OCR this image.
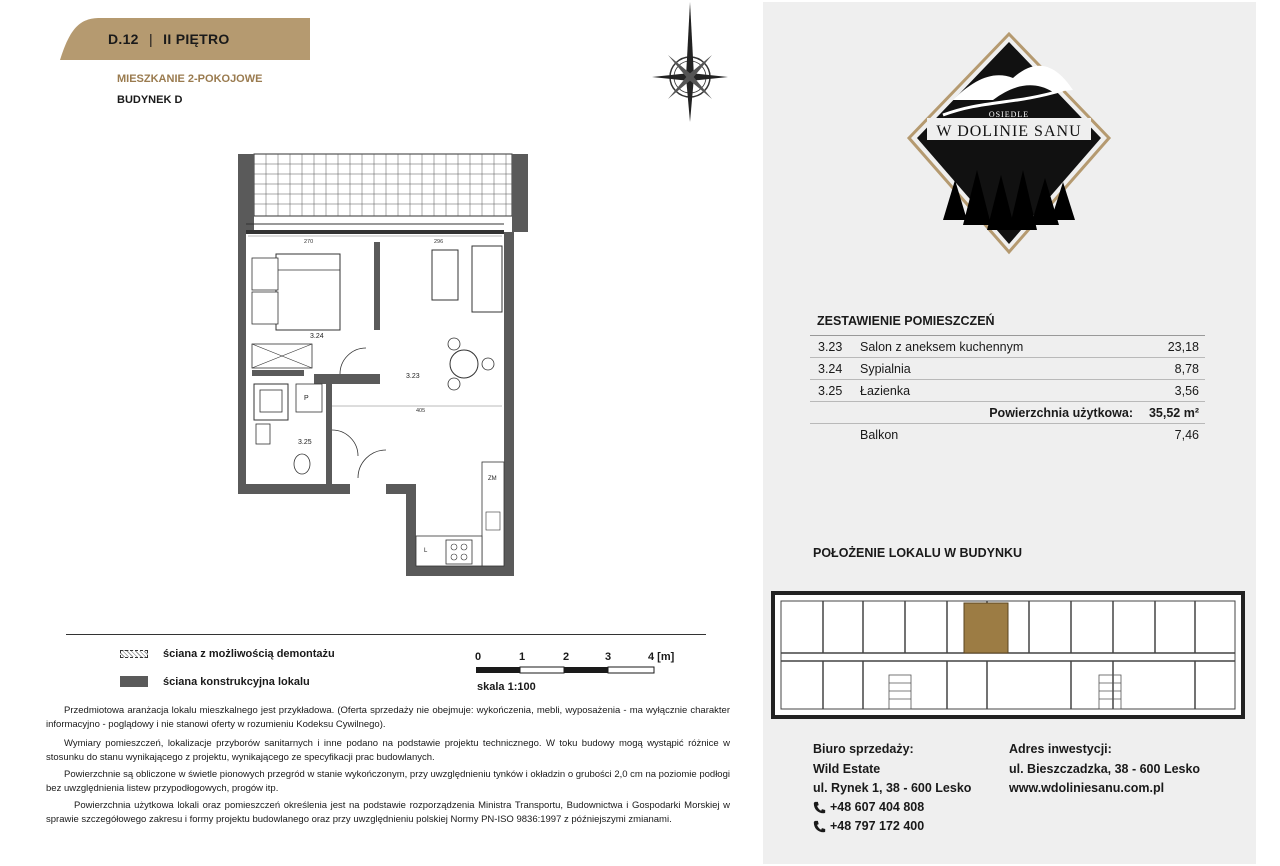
D.12 | II PIĘTRO
MIESZKANIE 2-POKOJOWE
BUDYNEK D
3.24
3.23
3.25
270	296
405
P
ZM
L
ściana z możliwością demontażu
ściana konstrukcyjna lokalu
0	1	2	3	4 [m]
skala 1:100

Przedmiotowa aranżacja lokalu mieszkalnego jest przykładowa. (Oferta sprzedaży nie obejmuje: wykończenia, mebli, wyposażenia - ma wyłącznie charakter informacyjno - poglądowy i nie stanowi oferty w rozumieniu Kodeksu Cywilnego).

Wymiary pomieszczeń, lokalizacje przyborów sanitarnych i inne podano na podstawie projektu technicznego. W toku budowy mogą wystąpić różnice w stosunku do stanu wynikającego z projektu, wynikającego ze specyfikacji prac budowlanych.

Powierzchnie są obliczone w świetle pionowych przegród w stanie wykończonym, przy uwzględnieniu tynków i okładzin o grubości 2,0 cm na poziomie podłogi bez uwzględnienia listew przypodłogowych, progów itp.

Powierzchnia użytkowa lokali oraz pomieszczeń określenia jest na podstawie rozporządzenia Ministra Transportu, Budownictwa i Gospodarki Morskiej w sprawie szczegółowego zakresu i formy projektu budowlanego oraz przy uwzględnieniu polskiej Normy PN-ISO 9836:1997 z późniejszymi zmianami.

OSIEDLE
W DOLINIE SANU
ZESTAWIENIE POMIESZCZEŃ
3.23 Salon z aneksem kuchennym	23,18
3.24 Sypialnia	8,78
3.25 Łazienka	3,56
Powierzchnia użytkowa: 35,52 m²
Balkon	7,46
POŁOŻENIE LOKALU W BUDYNKU
Biuro sprzedaży:
Wild Estate
ul. Rynek 1, 38 - 600 Lesko
+48 607 404 808
+48 797 172 400
Adres inwestycji:
ul. Bieszczadzka, 38 - 600 Lesko
www.wdoliniesanu.com.pl
